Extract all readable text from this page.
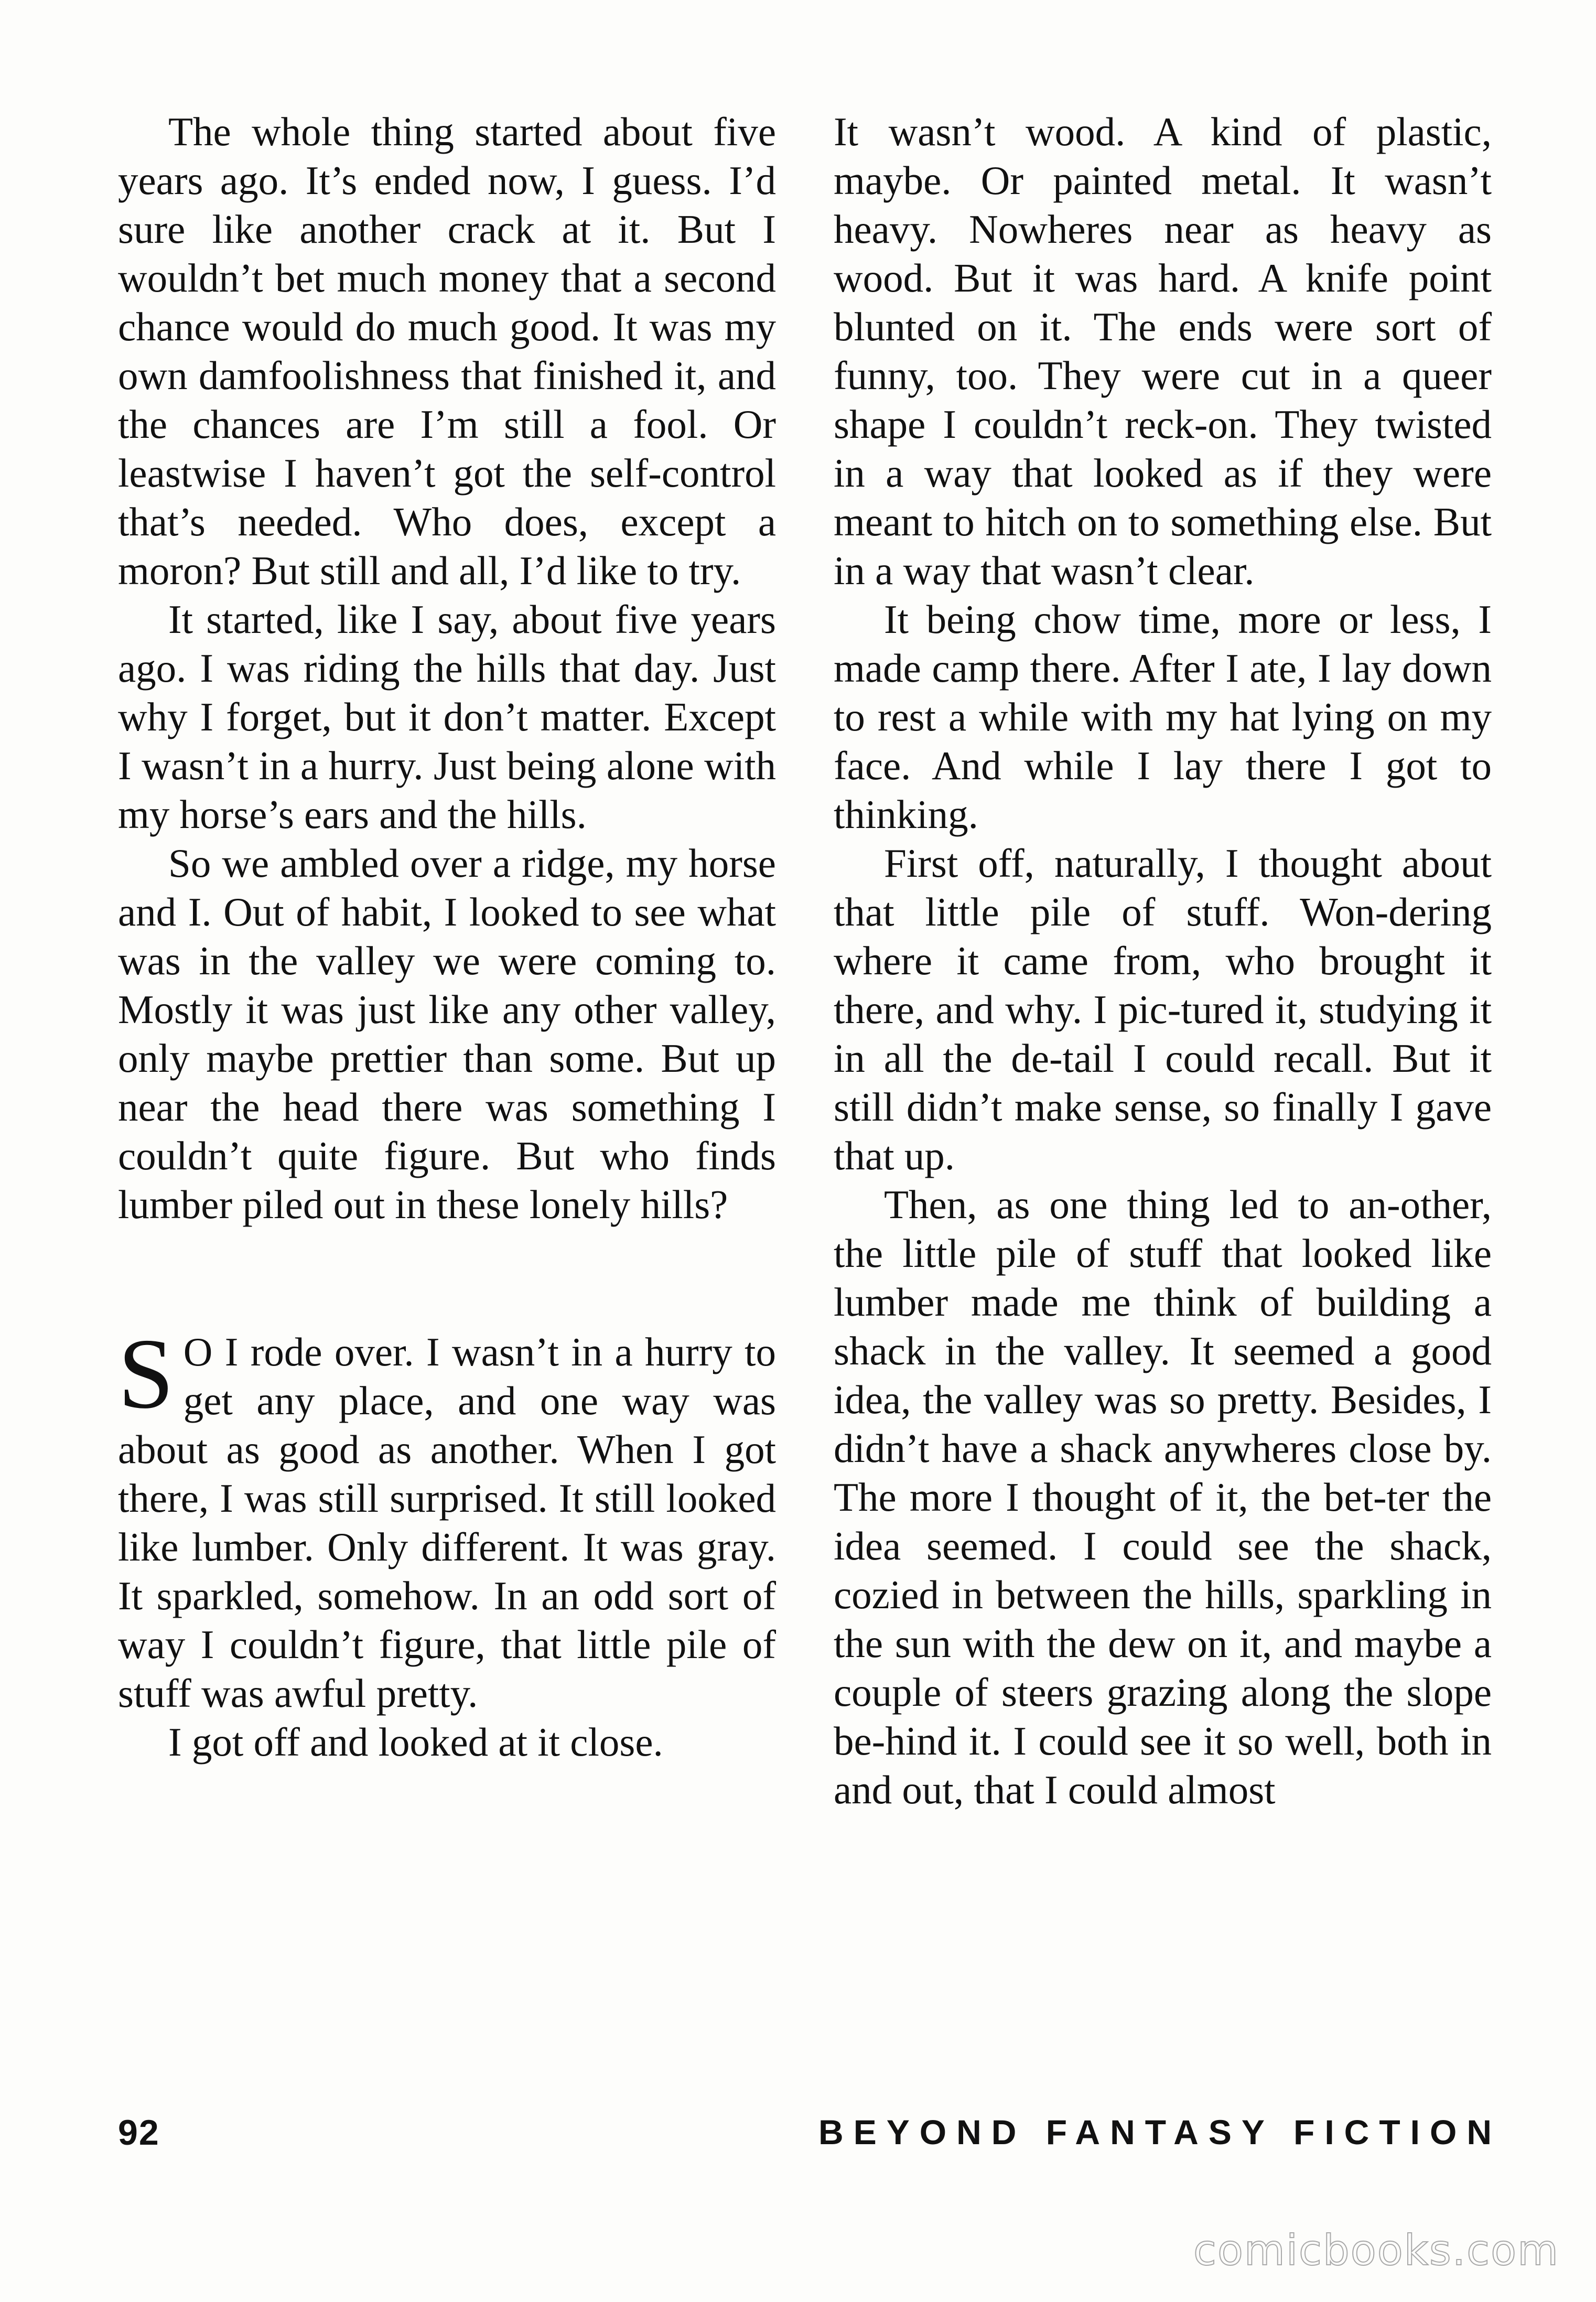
The whole thing started about five years ago. It’s ended now, I guess. I’d sure like another crack at it. But I wouldn’t bet much money that a second chance would do much good. It was my own damfoolishness that finished it, and the chances are I’m still a fool. Or leastwise I haven’t got the self-control that’s needed. Who does, except a moron? But still and all, I’d like to try.

It started, like I say, about five years ago. I was riding the hills that day. Just why I forget, but it don’t matter. Except I wasn’t in a hurry. Just being alone with my horse’s ears and the hills.

So we ambled over a ridge, my horse and I. Out of habit, I looked to see what was in the valley we were coming to. Mostly it was just like any other valley, only maybe prettier than some. But up near the head there was something I couldn’t quite figure. But who finds lumber piled out in these lonely hills?

S O I rode over. I wasn’t in a hurry to get any place, and one way was about as good as another. When I got there, I was still surprised. It still looked like lumber. Only different. It was gray. It sparkled, somehow. In an odd sort of way I couldn’t figure, that little pile of stuff was awful pretty.

I got off and looked at it close.

It wasn’t wood. A kind of plastic, maybe. Or painted metal. It wasn’t heavy. Nowheres near as heavy as wood. But it was hard. A knife point blunted on it. The ends were sort of funny, too. They were cut in a queer shape I couldn’t reck-on. They twisted in a way that looked as if they were meant to hitch on to something else. But in a way that wasn’t clear.

It being chow time, more or less, I made camp there. After I ate, I lay down to rest a while with my hat lying on my face. And while I lay there I got to thinking.

First off, naturally, I thought about that little pile of stuff. Won-dering where it came from, who brought it there, and why. I pic-tured it, studying it in all the de-tail I could recall. But it still didn’t make sense, so finally I gave that up.

Then, as one thing led to an-other, the little pile of stuff that looked like lumber made me think of building a shack in the valley. It seemed a good idea, the valley was so pretty. Besides, I didn’t have a shack anywheres close by. The more I thought of it, the bet-ter the idea seemed. I could see the shack, cozied in between the hills, sparkling in the sun with the dew on it, and maybe a couple of steers grazing along the slope be-hind it. I could see it so well, both in and out, that I could almost

92	BEYOND FANTASY FICTION
comicbooks.com
